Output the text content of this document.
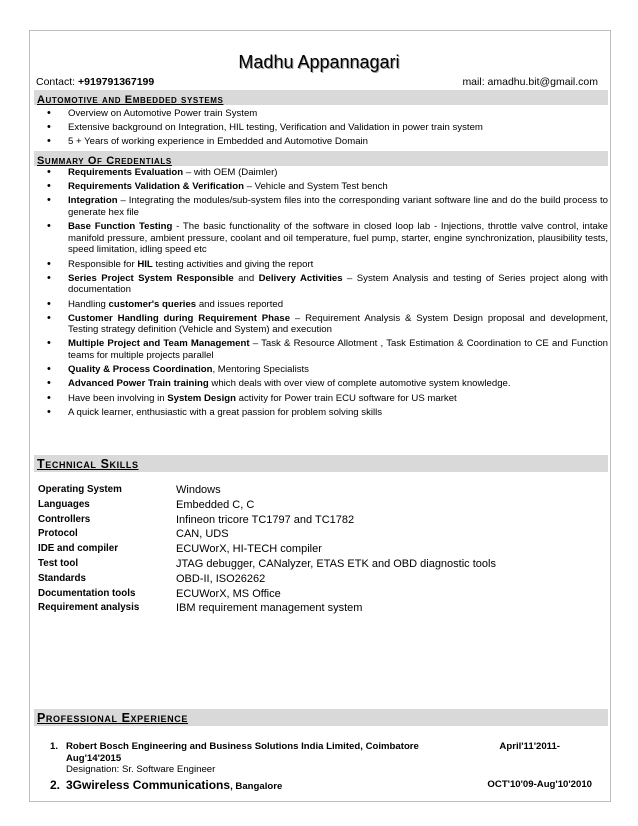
Madhu Appannagari
Contact: +919791367199	mail: amadhu.bit@gmail.com
Automotive and Embedded systems
• Overview on Automotive Power train System
• Extensive background on Integration, HIL testing, Verification and Validation in power train system
• 5 + Years of working experience in Embedded and Automotive Domain
Summary Of Credentials
• Requirements Evaluation – with OEM (Daimler)
• Requirements Validation & Verification – Vehicle and System Test bench
• Integration – Integrating the modules/sub-system files into the corresponding variant software line and do the build process to generate hex file
• Base Function Testing - The basic functionality of the software in closed loop lab - Injections, throttle valve control, intake manifold pressure, ambient pressure, coolant and oil temperature, fuel pump, starter, engine synchronization, plausibility tests, speed limitation, idling speed etc
• Responsible for HIL testing activities and giving the report
• Series Project System Responsible and Delivery Activities – System Analysis and testing of Series project along with documentation
• Handling customer's queries and issues reported
• Customer Handling during Requirement Phase – Requirement Analysis & System Design proposal and development, Testing strategy definition (Vehicle and System) and execution
• Multiple Project and Team Management – Task & Resource Allotment , Task Estimation & Coordination to CE and Function teams for multiple projects parallel
• Quality & Process Coordination, Mentoring Specialists
• Advanced Power Train training which deals with over view of complete automotive system knowledge.
• Have been involving in System Design activity for Power train ECU software for US market
• A quick learner, enthusiastic with a great passion for problem solving skills
Technical Skills
Operating System	Windows
Languages	Embedded C, C
Controllers	Infineon tricore TC1797 and TC1782
Protocol	CAN, UDS
IDE and compiler	ECUWorX, HI-TECH compiler
Test tool	JTAG debugger, CANalyzer, ETAS ETK and OBD diagnostic tools
Standards	OBD-II, ISO26262
Documentation tools	ECUWorX, MS Office
Requirement analysis	IBM requirement management system
Professional Experience
1. Robert Bosch Engineering and Business Solutions India Limited, Coimbatore	April'11'2011-
Aug'14'2015
Designation: Sr. Software Engineer
2. 3Gwireless Communications, Bangalore	OCT'10'09-Aug'10'2010
